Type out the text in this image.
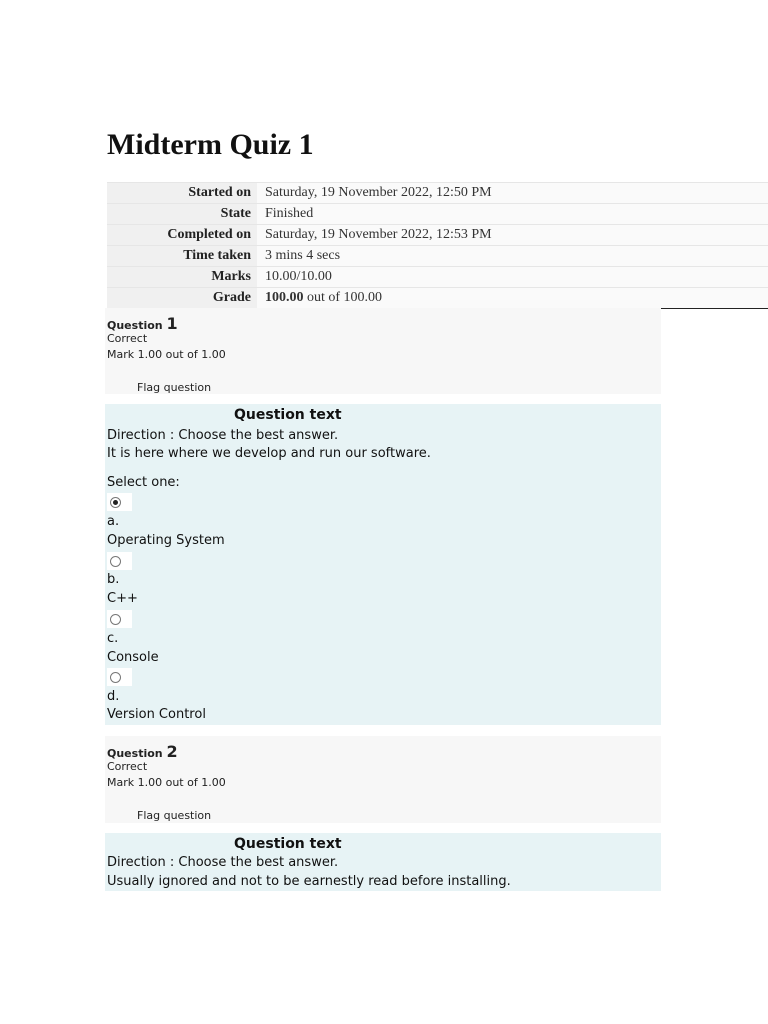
Midterm Quiz 1
Started on	Saturday, 19 November 2022, 12:50 PM
State	Finished
Completed on	Saturday, 19 November 2022, 12:53 PM
Time taken	3 mins 4 secs
Marks	10.00/10.00
Grade	100.00 out of 100.00
Question 1
Correct
Mark 1.00 out of 1.00
Flag question
Question text
Direction : Choose the best answer.
It is here where we develop and run our software.
Select one:
a.
Operating System
b.
C++
c.
Console
d.
Version Control
Question 2
Correct
Mark 1.00 out of 1.00
Flag question
Question text
Direction : Choose the best answer.
Usually ignored and not to be earnestly read before installing.
